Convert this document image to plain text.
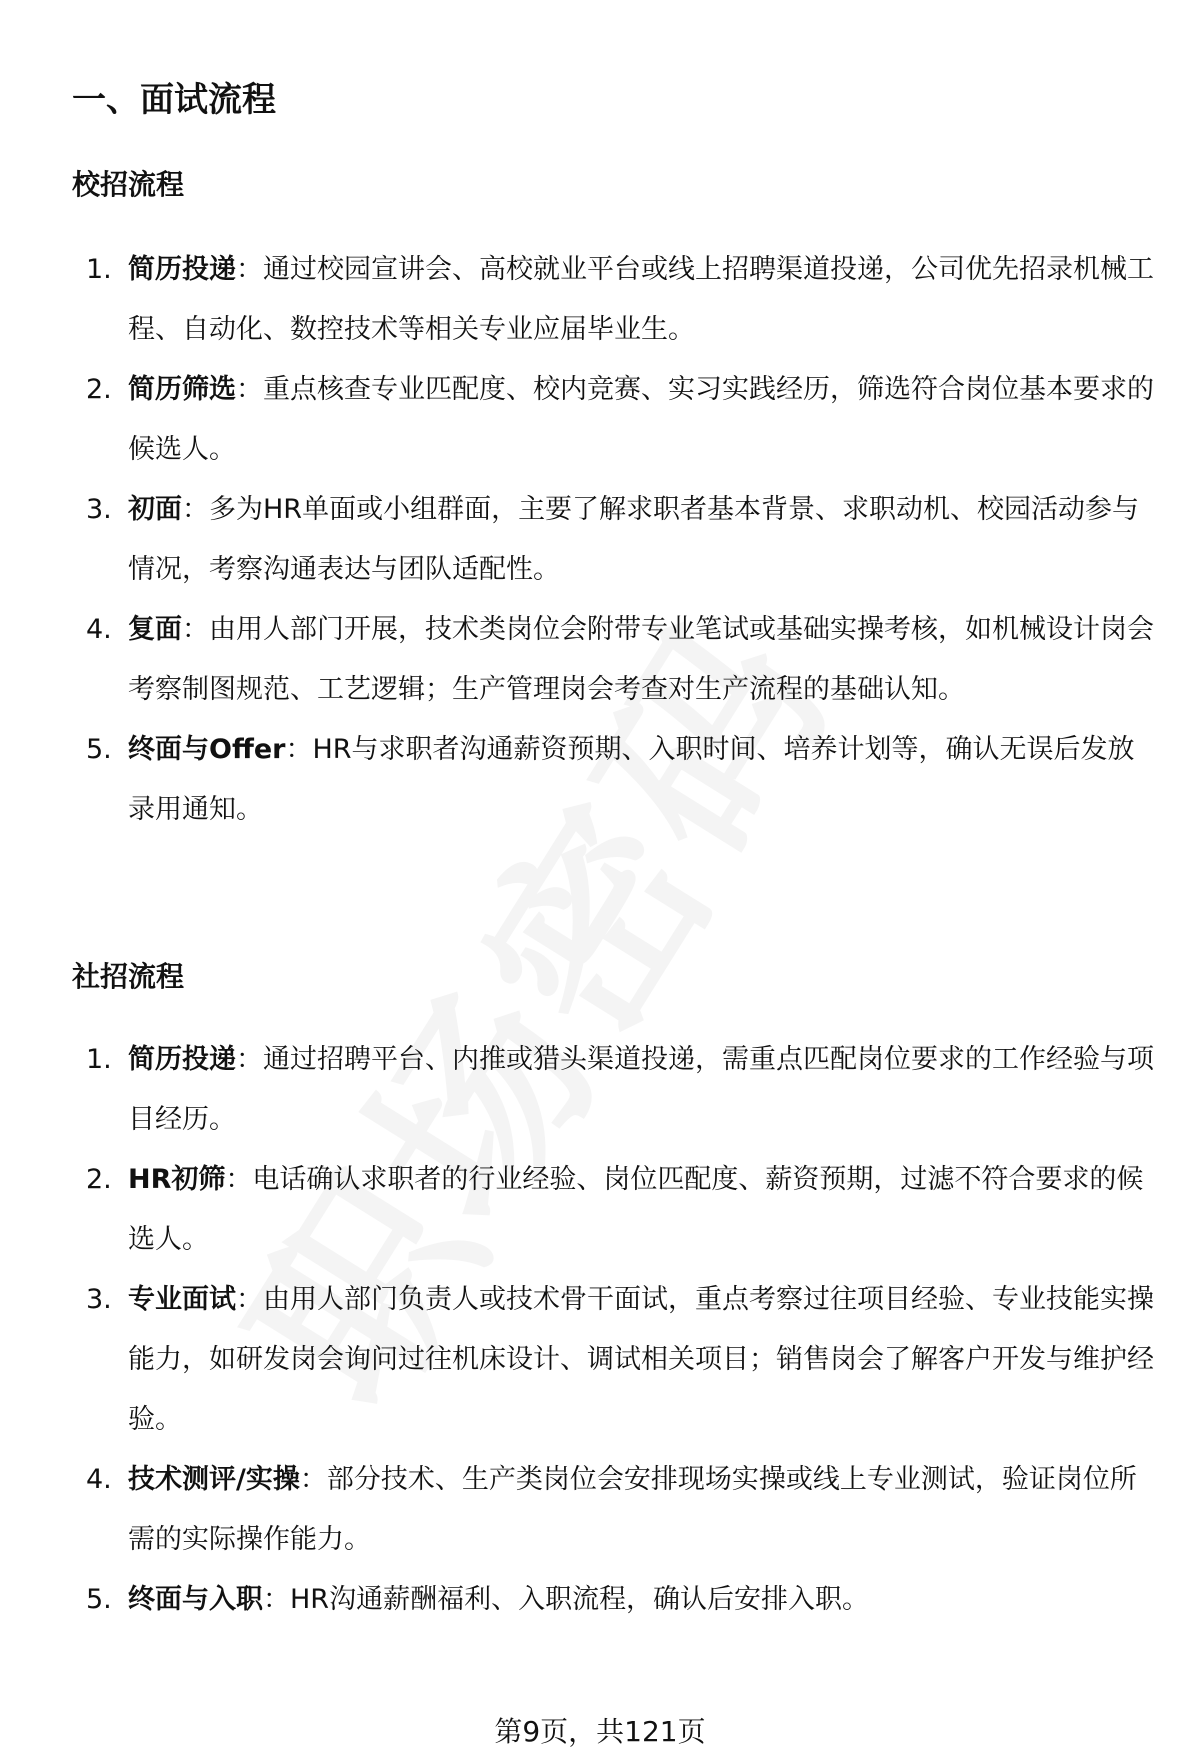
一、面试流程
校招流程
1. 简历投递：通过校园宣讲会、高校就业平台或线上招聘渠道投递，公司优先招录机械工程、自动化、数控技术等相关专业应届毕业生。
2. 简历筛选：重点核查专业匹配度、校内竞赛、实习实践经历，筛选符合岗位基本要求的候选人。
3. 初面：多为HR单面或小组群面，主要了解求职者基本背景、求职动机、校园活动参与情况，考察沟通表达与团队适配性。
4. 复面：由用人部门开展，技术类岗位会附带专业笔试或基础实操考核，如机械设计岗会考察制图规范、工艺逻辑；生产管理岗会考查对生产流程的基础认知。
5. 终面与Offer：HR与求职者沟通薪资预期、入职时间、培养计划等，确认无误后发放录用通知。
社招流程
1. 简历投递：通过招聘平台、内推或猎头渠道投递，需重点匹配岗位要求的工作经验与项目经历。
2. HR初筛：电话确认求职者的行业经验、岗位匹配度、薪资预期，过滤不符合要求的候选人。
3. 专业面试：由用人部门负责人或技术骨干面试，重点考察过往项目经验、专业技能实操能力，如研发岗会询问过往机床设计、调试相关项目；销售岗会了解客户开发与维护经验。
4. 技术测评/实操：部分技术、生产类岗位会安排现场实操或线上专业测试，验证岗位所需的实际操作能力。
5. 终面与入职：HR沟通薪酬福利、入职流程，确认后安排入职。
第9页，共121页
